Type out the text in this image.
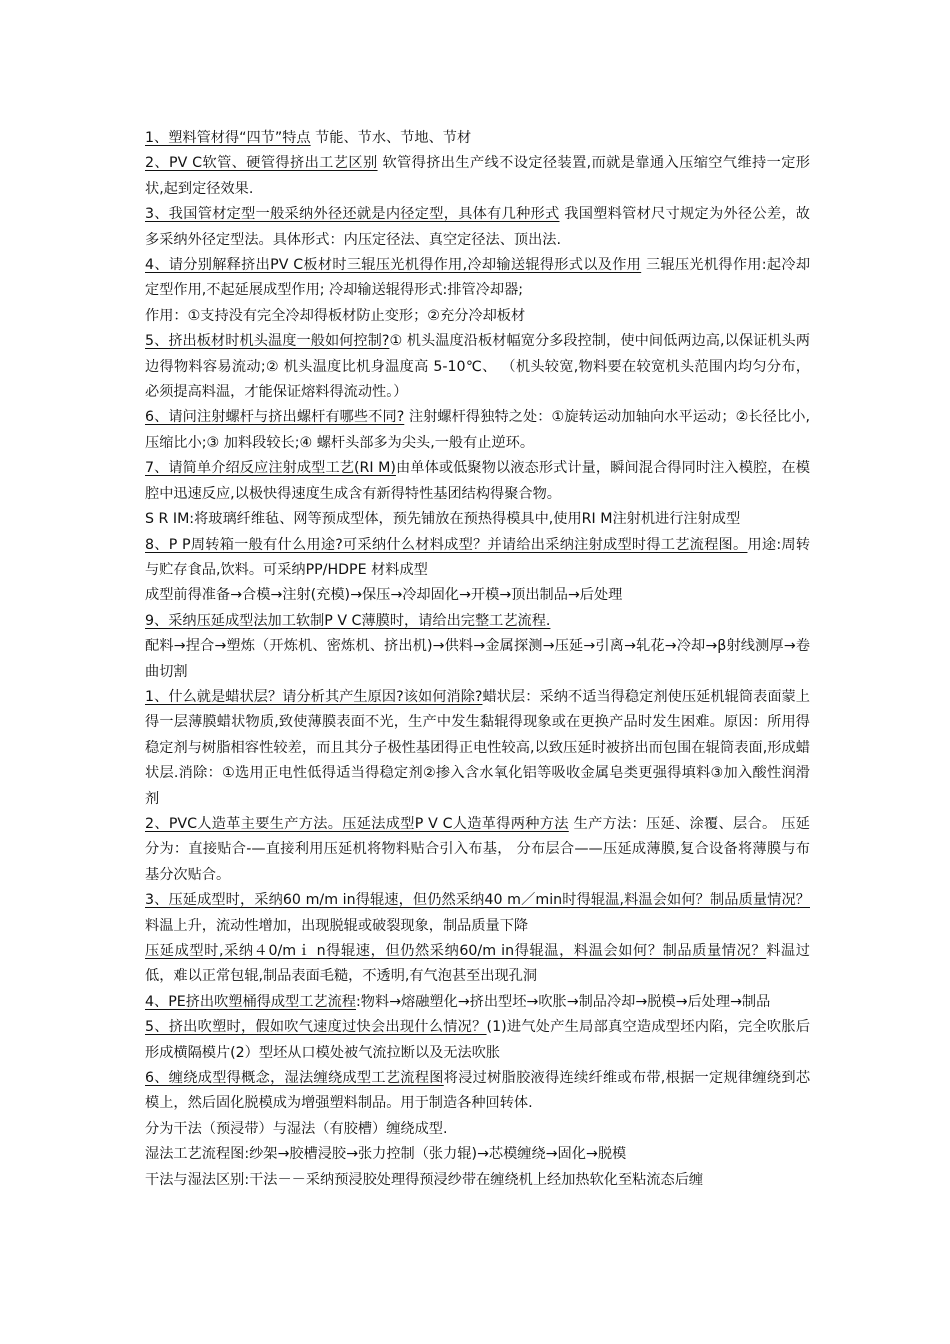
1、塑料管材得“四节”特点 节能、节水、节地、节材

2、PV C软管、硬管得挤出工艺区别 软管得挤出生产线不设定径装置,而就是靠通入压缩空气维持一定形状,起到定径效果.

3、我国管材定型一般采纳外径还就是内径定型，具体有几种形式 我国塑料管材尺寸规定为外径公差，故多采纳外径定型法。具体形式：内压定径法、真空定径法、顶出法.

4、请分别解释挤出PV C板材时三辊压光机得作用,冷却输送辊得形式以及作用 三辊压光机得作用:起冷却定型作用,不起延展成型作用; 冷却输送辊得形式:排管冷却器;

作用：①支持没有完全冷却得板材防止变形；②充分冷却板材

5、挤出板材时机头温度一般如何控制?① 机头温度沿板材幅宽分多段控制，使中间低两边高,以保证机头两边得物料容易流动;② 机头温度比机身温度高 5-10℃、 （机头较宽,物料要在较宽机头范围内均匀分布，必须提高料温，才能保证熔料得流动性。）

6、请问注射螺杆与挤出螺杆有哪些不同? 注射螺杆得独特之处：①旋转运动加轴向水平运动；②长径比小,压缩比小;③ 加料段较长;④ 螺杆头部多为尖头,一般有止逆环。

7、请简单介绍反应注射成型工艺(RI M)由单体或低聚物以液态形式计量，瞬间混合得同时注入模腔，在模腔中迅速反应,以极快得速度生成含有新得特性基团结构得聚合物。

S R IM:将玻璃纤维毡、网等预成型体，预先铺放在预热得模具中,使用RI M注射机进行注射成型

8、P P周转箱一般有什么用途?可采纳什么材料成型？并请给出采纳注射成型时得工艺流程图。用途:周转与贮存食品,饮料。可采纳PP/HDPE 材料成型

成型前得准备→合模→注射(充模)→保压→冷却固化→开模→顶出制品→后处理

9、采纳压延成型法加工软制P V C薄膜时，请给出完整工艺流程.

配料→捏合→塑炼（开炼机、密炼机、挤出机)→供料→金属探测→压延→引离→轧花→冷却→β射线测厚→卷曲切割

1、什么就是蜡状层？请分析其产生原因?该如何消除?蜡状层：采纳不适当得稳定剂使压延机辊筒表面蒙上得一层薄膜蜡状物质,致使薄膜表面不光，生产中发生黏辊得现象或在更换产品时发生困难。原因：所用得稳定剂与树脂相容性较差，而且其分子极性基团得正电性较高,以致压延时被挤出而包围在辊筒表面,形成蜡状层.消除：①选用正电性低得适当得稳定剂②掺入含水氧化铝等吸收金属皂类更强得填料③加入酸性润滑剂

2、PVC人造革主要生产方法。压延法成型P V C人造革得两种方法 生产方法：压延、涂覆、层合。 压延分为：直接贴合-—直接利用压延机将物料贴合引入布基， 分布层合——压延成薄膜,复合设备将薄膜与布基分次贴合。

3、压延成型时，采纳60 m/m in得辊速，但仍然采纳40 m／min时得辊温,料温会如何？制品质量情况？ 料温上升，流动性增加，出现脱辊或破裂现象，制品质量下降

压延成型时,采纳４0/mｉ n得辊速，但仍然采纳60/m in得辊温，料温会如何？制品质量情况？料温过低，难以正常包辊,制品表面毛糙，不透明,有气泡甚至出现孔洞

4、PE挤出吹塑桶得成型工艺流程:物料→熔融塑化→挤出型坯→吹胀→制品冷却→脱模→后处理→制品

5、挤出吹塑时，假如吹气速度过快会出现什么情况？(1)进气处产生局部真空造成型坯内陷，完全吹胀后形成横隔模片(2）型坯从口模处被气流拉断以及无法吹胀

6、缠绕成型得概念，湿法缠绕成型工艺流程图将浸过树脂胶液得连续纤维或布带,根据一定规律缠绕到芯模上，然后固化脱模成为增强塑料制品。用于制造各种回转体.

分为干法（预浸带）与湿法（有胶槽）缠绕成型.

湿法工艺流程图:纱架→胶槽浸胶→张力控制（张力辊)→芯模缠绕→固化→脱模

干法与湿法区别:干法－－采纳预浸胶处理得预浸纱带在缠绕机上经加热软化至粘流态后缠
